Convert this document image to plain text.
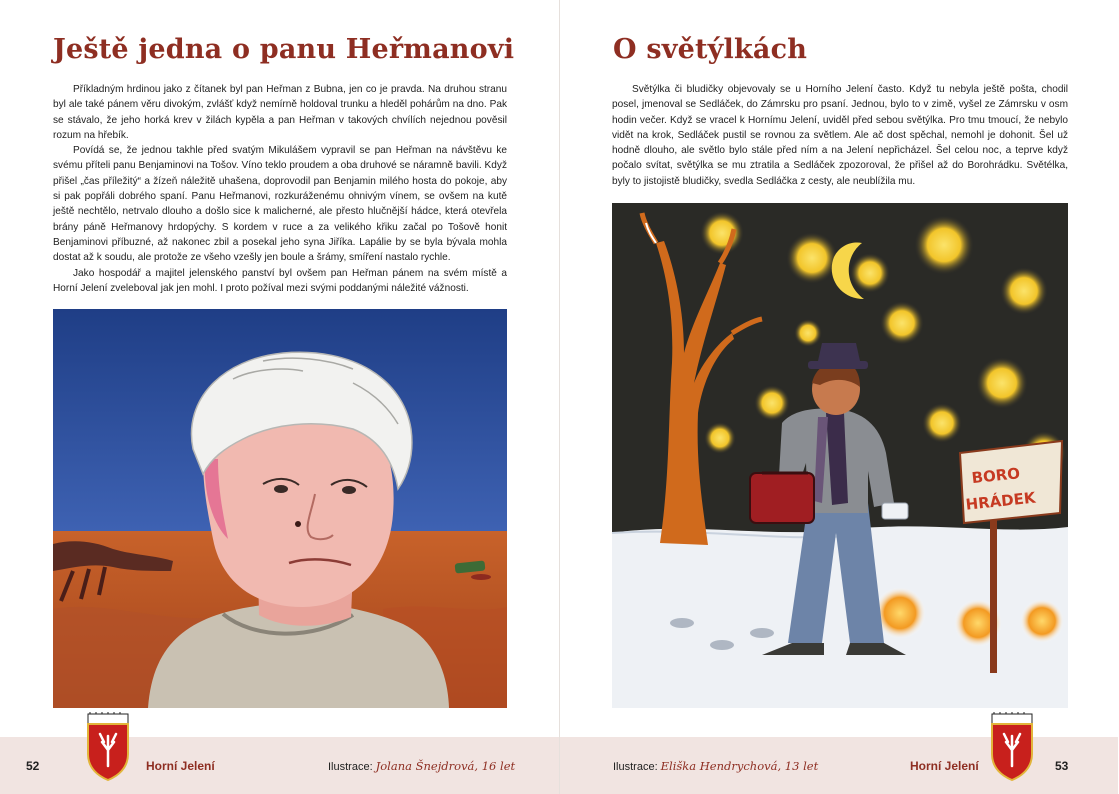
Ještě jedna o panu Heřmanovi

Příkladným hrdinou jako z čítanek byl pan Heřman z Bubna, jen co je pravda. Na druhou stranu byl ale také pánem věru divokým, zvlášť když nemírně holdoval trunku a hleděl pohárům na dno. Pak se stávalo, že jeho horká krev v žilách kypěla a pan Heřman v takových chvílích nejednou pověsil rozum na hřebík.

Povídá se, že jednou takhle před svatým Mikulášem vypravil se pan Heřman na návštěvu ke svému příteli panu Benjaminovi na Tošov. Víno teklo proudem a oba druhové se náramně bavili. Když přišel „čas příležitý“ a žízeň náležitě uhašena, doprovodil pan Benjamin milého hosta do pokoje, aby si pak popřáli dobrého spaní. Panu Heřmanovi, rozkuráženému ohnivým vínem, se ovšem na kutě ještě nechtělo, netrvalo dlouho a došlo sice k malicherné, ale přesto hlučnější hádce, která otevřela brány páně Heřmanovy hrdopýchy. S kordem v ruce a za velikého křiku začal po Tošově honit Benjaminovi příbuzné, až nakonec zbil a posekal jeho syna Jiříka. Lapálie by se byla bývala mohla dostat až k soudu, ale protože ze všeho vzešly jen boule a šrámy, smíření nastalo rychle.

Jako hospodář a majitel jelenského panství byl ovšem pan Heřman pánem na svém místě a Horní Jelení zveleboval jak jen mohl. I proto požíval mezi svými poddanými náležité vážnosti.

52	Horní Jelení	Ilustrace: Jolana Šnejdrová, 16 let
O světýlkách

Světýlka či bludičky objevovaly se u Horního Jelení často. Když tu nebyla ještě pošta, chodil posel, jmenoval se Sedláček, do Zámrsku pro psaní. Jednou, bylo to v zimě, vyšel ze Zámrsku v osm hodin večer. Když se vracel k Hornímu Jelení, uviděl před sebou světýlka. Pro tmu tmoucí, že nebylo vidět na krok, Sedláček pustil se rovnou za světlem. Ale ač dost spěchal, nemohl je dohonit. Šel už hodně dlouho, ale světlo bylo stále před ním a na Jelení nepřicházel. Šel celou noc, a teprve když počalo svítat, světýlka se mu ztratila a Sedláček zpozoroval, že přišel až do Borohrádku. Světélka, byly to jistojistě bludičky, svedla Sedláčka z cesty, ale neublížila mu.

BORO
HRÁDEK
Ilustrace: Eliška Hendrychová, 13 let	Horní Jelení	53
